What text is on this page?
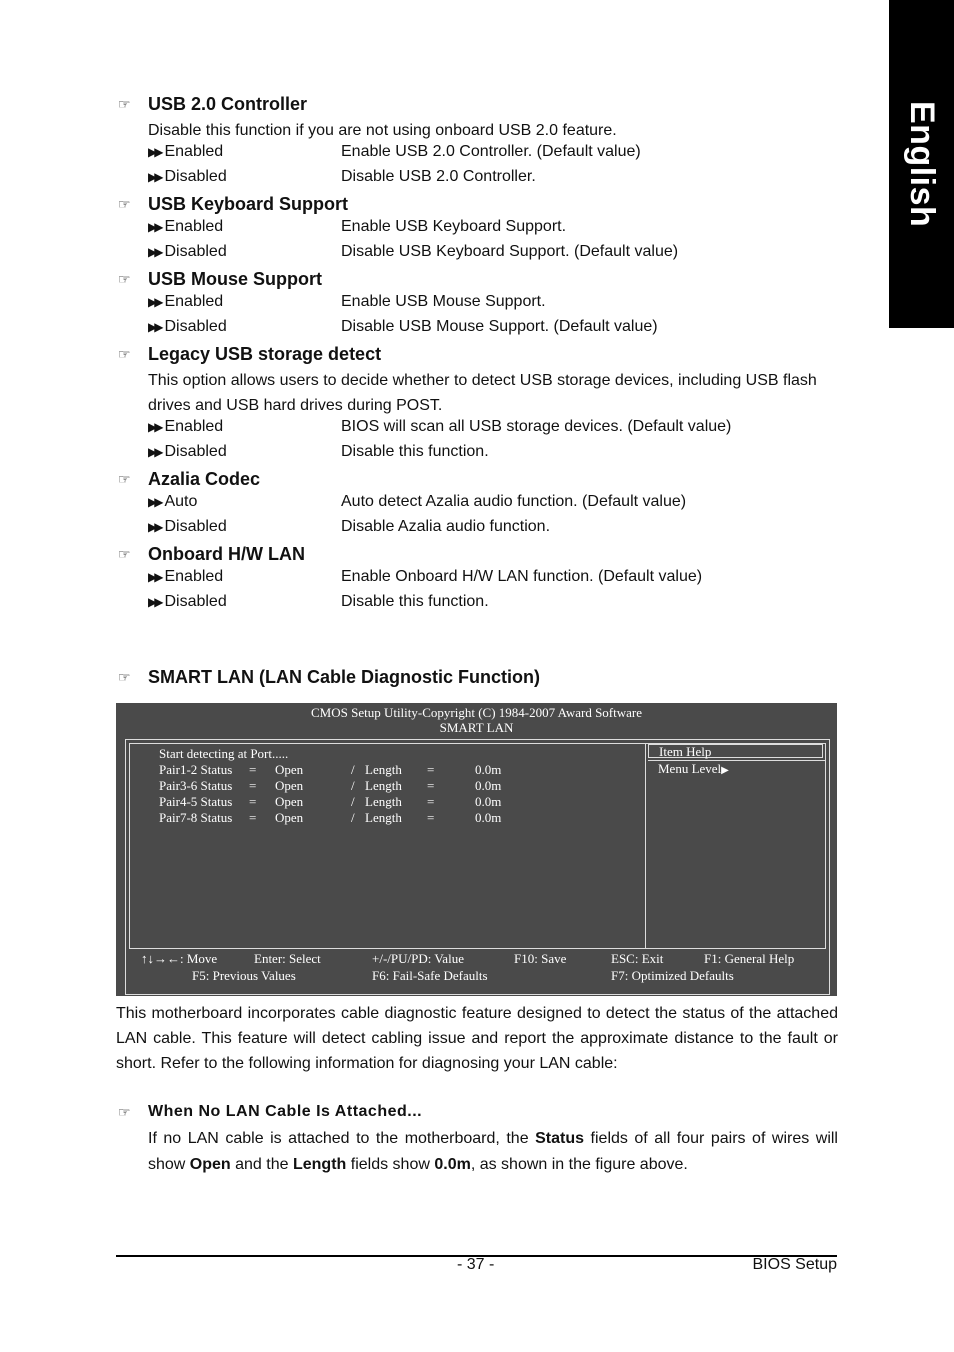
English
☞ USB 2.0 Controller
Disable this function if you are not using onboard USB 2.0 feature.
▶▶ Enabled	Enable USB 2.0 Controller. (Default value)
▶▶ Disabled	Disable USB 2.0 Controller.
☞ USB Keyboard Support
▶▶ Enabled	Enable USB Keyboard Support.
▶▶ Disabled	Disable USB Keyboard Support. (Default value)
☞ USB Mouse Support
▶▶ Enabled	Enable USB Mouse Support.
▶▶ Disabled	Disable USB Mouse Support. (Default value)
☞ Legacy USB storage detect
This option allows users to decide whether to detect USB storage devices, including USB flash drives and USB hard drives during POST.
▶▶ Enabled	BIOS will scan all USB storage devices. (Default value)
▶▶ Disabled	Disable this function.
☞ Azalia Codec
▶▶ Auto	Auto detect Azalia audio function. (Default value)
▶▶ Disabled	Disable Azalia audio function.
☞ Onboard H/W LAN
▶▶ Enabled	Enable Onboard H/W LAN function. (Default value)
▶▶ Disabled	Disable this function.
☞ SMART LAN (LAN Cable Diagnostic Function)
CMOS Setup Utility-Copyright (C) 1984-2007 Award Software
SMART LAN
Start detecting at Port.....
Pair1-2 Status = Open	/ Length =	0.0m
Pair3-6 Status = Open	/ Length =	0.0m
Pair4-5 Status = Open	/ Length =	0.0m
Pair7-8 Status = Open	/ Length =	0.0m
Item Help
Menu Level▶
↑↓→←: Move	Enter: Select	+/-/PU/PD: Value	F10: Save	ESC: Exit	F1: General Help
F5: Previous Values	F6: Fail-Safe Defaults	F7: Optimized Defaults
This motherboard incorporates cable diagnostic feature designed to detect the status of the attached LAN cable. This feature will detect cabling issue and report the approximate distance to the fault or short. Refer to the following information for diagnosing your LAN cable:
☞	When No LAN Cable Is Attached...
If no LAN cable is attached to the motherboard, the Status fields of all four pairs of wires will show Open and the Length fields show 0.0m, as shown in the figure above.
- 37 -	BIOS Setup
